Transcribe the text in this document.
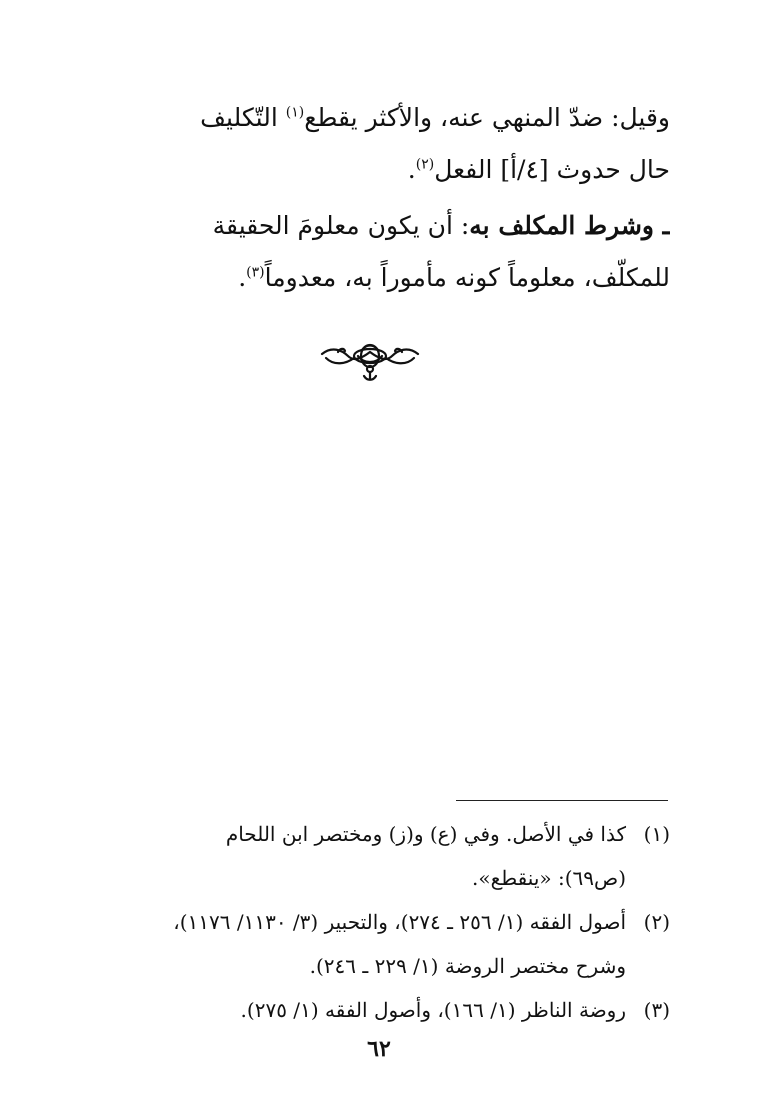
وقيل: ضدّ المنهي عنه، والأكثر يقطع$^{(١)}$ التّكليف
حال حدوث [٤/أ] الفعل$^{(٢)}$.
ـ وشرط المكلف به: أن يكون معلومَ الحقيقة
للمكلّف، معلوماً كونه مأموراً به، معدوماً$^{(٣)}$.
(١)كذا في الأصل. وفي (ع) و(ز) ومختصر ابن اللحام
(ص٦٩): «ينقطع».
(٢)أصول الفقه (١/ ٢٥٦ ـ ٢٧٤)، والتحبير (٣/ ١١٣٠/ ١١٧٦)،
وشرح مختصر الروضة (١/ ٢٢٩ ـ ٢٤٦).
(٣)روضة الناظر (١/ ١٦٦)، وأصول الفقه (١/ ٢٧٥).
٦٢
